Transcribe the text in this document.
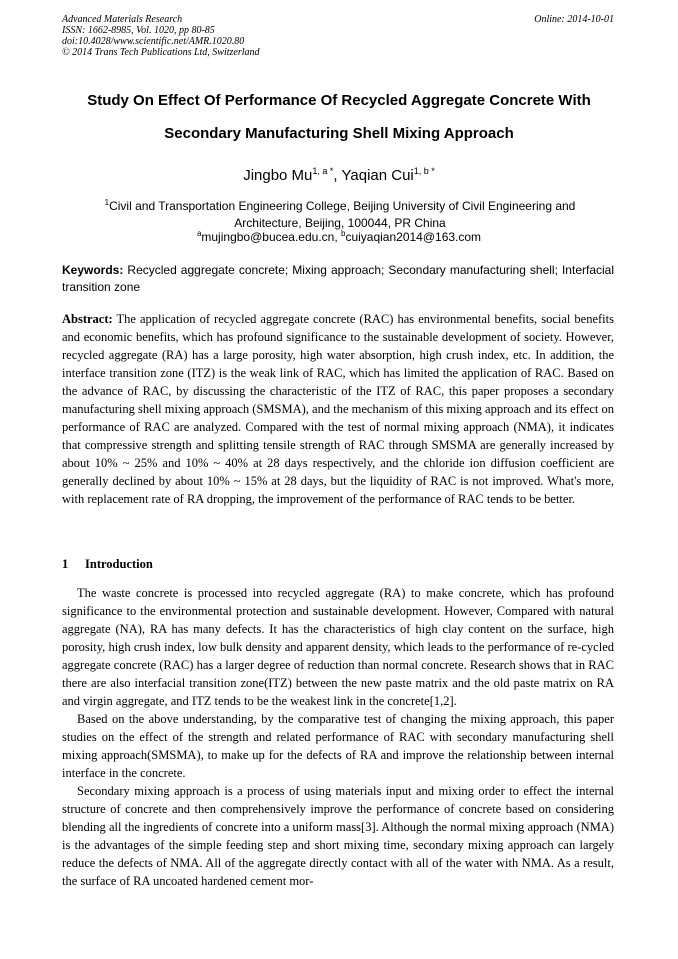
Advanced Materials Research
ISSN: 1662-8985, Vol. 1020, pp 80-85
doi:10.4028/www.scientific.net/AMR.1020.80
© 2014 Trans Tech Publications Ltd, Switzerland
Online: 2014-10-01
Study On Effect Of Performance Of Recycled Aggregate Concrete With
Secondary Manufacturing Shell Mixing Approach
Jingbo $Mu^{1, a *}$, Yaqian Cui$^{1, b *}$
$^1$Civil and Transportation Engineering College, Beijing University of Civil Engineering and Architecture, Beijing, 100044, PR China
$^a$mujingbo@bucea.edu.cn, $^b$cuiyaqian2014@163.com
Keywords: Recycled aggregate concrete; Mixing approach; Secondary manufacturing shell; Interfacial transition zone
Abstract: The application of recycled aggregate concrete (RAC) has environmental benefits, social benefits and economic benefits, which has profound significance to the sustainable development of society. However, recycled aggregate (RA) has a large porosity, high water absorption, high crush index, etc. In addition, the interface transition zone (ITZ) is the weak link of RAC, which has limited the application of RAC. Based on the advance of RAC, by discussing the characteristic of the ITZ of RAC, this paper proposes a secondary manufacturing shell mixing approach (SMSMA), and the mechanism of this mixing approach and its effect on performance of RAC are analyzed. Compared with the test of normal mixing approach (NMA), it indicates that compressive strength and splitting tensile strength of RAC through SMSMA are generally increased by about 10% ~ 25% and 10% ~ 40% at 28 days respectively, and the chloride ion diffusion coefficient are generally declined by about 10% ~ 15% at 28 days, but the liquidity of RAC is not improved. What's more, with replacement rate of RA dropping, the improvement of the performance of RAC tends to be better.
1 Introduction

The waste concrete is processed into recycled aggregate (RA) to make concrete, which has profound significance to the environmental protection and sustainable development. However, Compared with natural aggregate (NA), RA has many defects. It has the characteristics of high clay content on the surface, high porosity, high crush index, low bulk density and apparent density, which leads to the performance of re-cycled aggregate concrete (RAC) has a larger degree of reduction than normal concrete. Research shows that in RAC there are also interfacial transition zone(ITZ) between the new paste matrix and the old paste matrix on RA and virgin aggregate, and ITZ tends to be the weakest link in the concrete[1,2].

Based on the above understanding, by the comparative test of changing the mixing approach, this paper studies on the effect of the strength and related performance of RAC with secondary manufacturing shell mixing approach(SMSMA), to make up for the defects of RA and improve the relationship between internal interface in the concrete.

Secondary mixing approach is a process of using materials input and mixing order to effect the internal structure of concrete and then comprehensively improve the performance of concrete based on considering blending all the ingredients of concrete into a uniform mass[3]. Although the normal mixing approach (NMA) is the advantages of the simple feeding step and short mixing time, secondary mixing approach can largely reduce the defects of NMA. All of the aggregate directly contact with all of the water with NMA. As a result, the surface of RA uncoated hardened cement mor-
